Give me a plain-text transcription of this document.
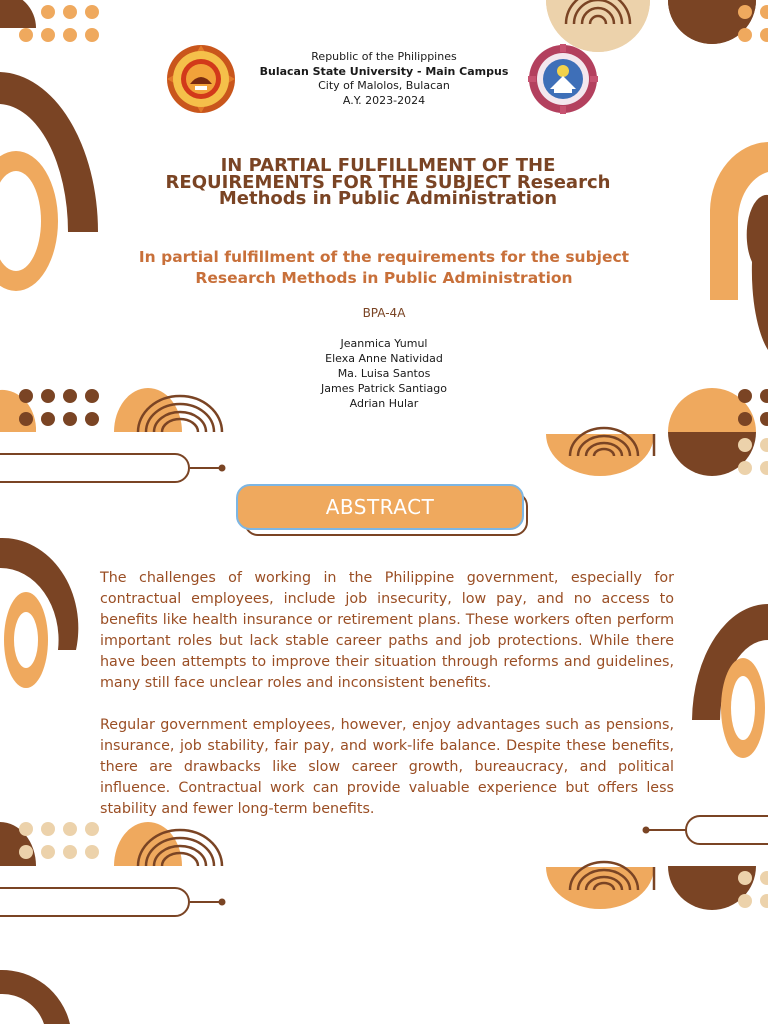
Republic of the Philippines
Bulacan State University - Main Campus
City of Malolos, Bulacan
A.Y. 2023-2024
IN PARTIAL FULFILLMENT OF THE
REQUIREMENTS FOR THE SUBJECT Research
Methods in Public Administration
In partial fulfillment of the requirements for the subject
Research Methods in Public Administration
BPA-4A
Jeanmica Yumul
Elexa Anne Natividad
Ma. Luisa Santos
James Patrick Santiago
Adrian Hular
ABSTRACT
The challenges of working in the Philippine government, especially for contractual employees, include job insecurity, low pay, and no access to benefits like health insurance or retirement plans. These workers often perform important roles but lack stable career paths and job protections. While there have been attempts to improve their situation through reforms and guidelines, many still face unclear roles and inconsistent benefits.
Regular government employees, however, enjoy advantages such as pensions, insurance, job stability, fair pay, and work-life balance. Despite these benefits, there are drawbacks like slow career growth, bureaucracy, and political influence. Contractual work can provide valuable experience but offers less stability and fewer long-term benefits.
